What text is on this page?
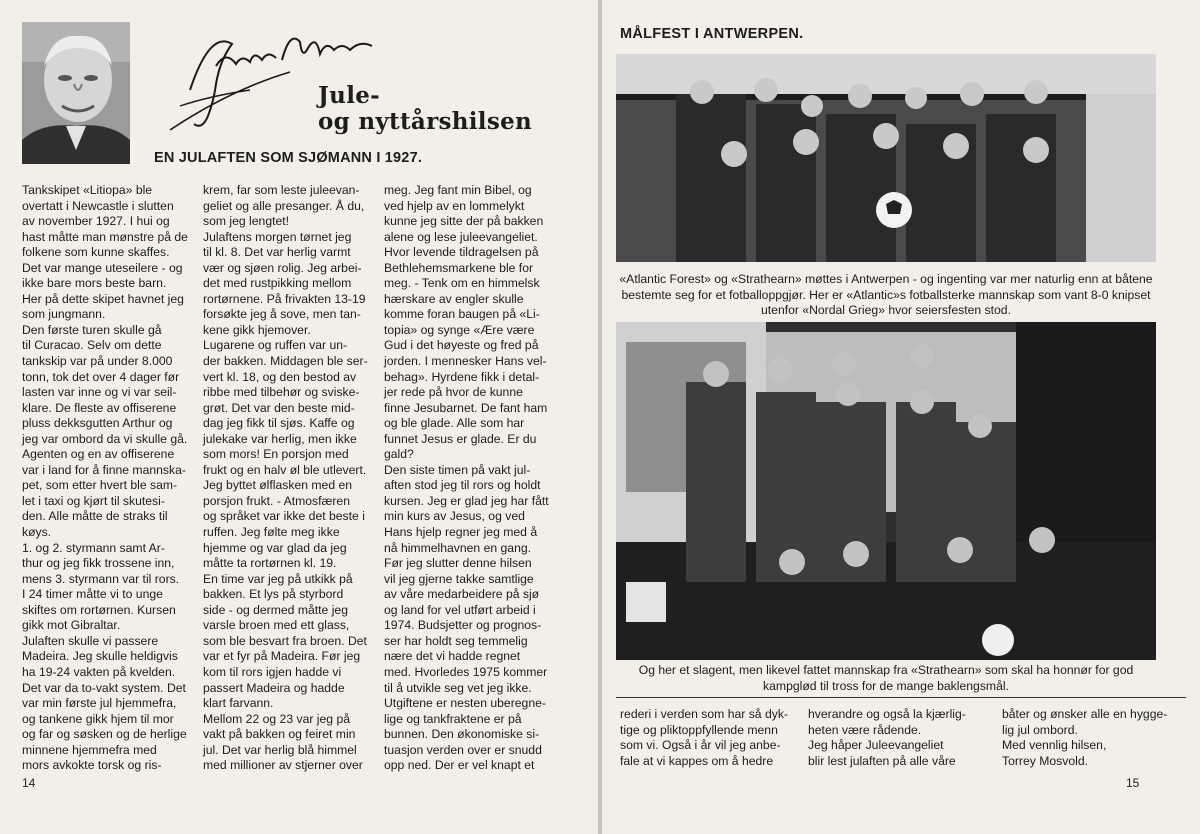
Jule-
og nyttårshilsen
EN JULAFTEN SOM SJØMANN I 1927.

Tankskipet «Litiopa» ble
overtatt i Newcastle i slutten
av november 1927. I hui og
hast måtte man mønstre på de
folkene som kunne skaffes.
Det var mange uteseilere - og
ikke bare mors beste barn.
Her på dette skipet havnet jeg
som jungmann.
Den første turen skulle gå
til Curacao. Selv om dette
tankskip var på under 8.000
tonn, tok det over 4 dager før
lasten var inne og vi var seil-
klare. De fleste av offiserene
pluss dekksgutten Arthur og
jeg var ombord da vi skulle gå.
Agenten og en av offiserene
var i land for å finne mannska-
pet, som etter hvert ble sam-
let i taxi og kjørt til skutesi-
den. Alle måtte de straks til
køys.
1. og 2. styrmann samt Ar-
thur og jeg fikk trossene inn,
mens 3. styrmann var til rors.
I 24 timer måtte vi to unge
skiftes om rortørnen. Kursen
gikk mot Gibraltar.
Julaften skulle vi passere
Madeira. Jeg skulle heldigvis
ha 19-24 vakten på kvelden.
Det var da to-vakt system. Det
var min første jul hjemmefra,
og tankene gikk hjem til mor
og far og søsken og de herlige
minnene hjemmefra med
mors avkokte torsk og ris-

krem, far som leste juleevan-
geliet og alle presanger. Å du,
som jeg lengtet!
Julaftens morgen tørnet jeg
til kl. 8. Det var herlig varmt
vær og sjøen rolig. Jeg arbei-
det med rustpikking mellom
rortørnene. På frivakten 13-19
forsøkte jeg å sove, men tan-
kene gikk hjemover.
Lugarene og ruffen var un-
der bakken. Middagen ble ser-
vert kl. 18, og den bestod av
ribbe med tilbehør og sviske-
grøt. Det var den beste mid-
dag jeg fikk til sjøs. Kaffe og
julekake var herlig, men ikke
som mors! En porsjon med
frukt og en halv øl ble utlevert.
Jeg byttet ølflasken med en
porsjon frukt. - Atmosfæren
og språket var ikke det beste i
ruffen. Jeg følte meg ikke
hjemme og var glad da jeg
måtte ta rortørnen kl. 19.
En time var jeg på utkikk på
bakken. Et lys på styrbord
side - og dermed måtte jeg
varsle broen med ett glass,
som ble besvart fra broen. Det
var et fyr på Madeira. Før jeg
kom til rors igjen hadde vi
passert Madeira og hadde
klart farvann.
Mellom 22 og 23 var jeg på
vakt på bakken og feiret min
jul. Det var herlig blå himmel
med millioner av stjerner over

meg. Jeg fant min Bibel, og
ved hjelp av en lommelykt
kunne jeg sitte der på bakken
alene og lese juleevangeliet.
Hvor levende tildragelsen på
Bethlehemsmarkene ble for
meg. - Tenk om en himmelsk
hærskare av engler skulle
komme foran baugen på «Li-
topia» og synge «Ære være
Gud i det høyeste og fred på
jorden. I mennesker Hans vel-
behag». Hyrdene fikk i detal-
jer rede på hvor de kunne
finne Jesubarnet. De fant ham
og ble glade. Alle som har
funnet Jesus er glade. Er du
gald?
Den siste timen på vakt jul-
aften stod jeg til rors og holdt
kursen. Jeg er glad jeg har fått
min kurs av Jesus, og ved
Hans hjelp regner jeg med å
nå himmelhavnen en gang.
Før jeg slutter denne hilsen
vil jeg gjerne takke samtlige
av våre medarbeidere på sjø
og land for vel utført arbeid i
1974. Budsjetter og prognos-
ser har holdt seg temmelig
nære det vi hadde regnet
med. Hvorledes 1975 kommer
til å utvikle seg vet jeg ikke.
Utgiftene er nesten uberegne-
lige og tankfraktene er på
bunnen. Den økonomiske si-
tuasjon verden over er snudd
opp ned. Der er vel knapt et

14
MÅLFEST I ANTWERPEN.

«Atlantic Forest» og «Strathearn» møttes i Antwerpen - og ingenting var mer naturlig enn at båtene bestemte seg for et fotballoppgjør. Her er «Atlantic»s fotballsterke mannskap som vant 8-0 knipset utenfor «Nordal Grieg» hvor seiersfesten stod.

Og her et slagent, men likevel fattet mannskap fra «Strathearn» som skal ha honnør for god kampglød til tross for de mange baklengsmål.

rederi i verden som har så dyk-
tige og pliktoppfyllende menn
som vi. Også i år vil jeg anbe-
fale at vi kappes om å hedre

hverandre og også la kjærlig-
heten være rådende.
Jeg håper Juleevangeliet
blir lest julaften på alle våre

båter og ønsker alle en hygge-
lig jul ombord.
Med vennlig hilsen,
Torrey Mosvold.

15
